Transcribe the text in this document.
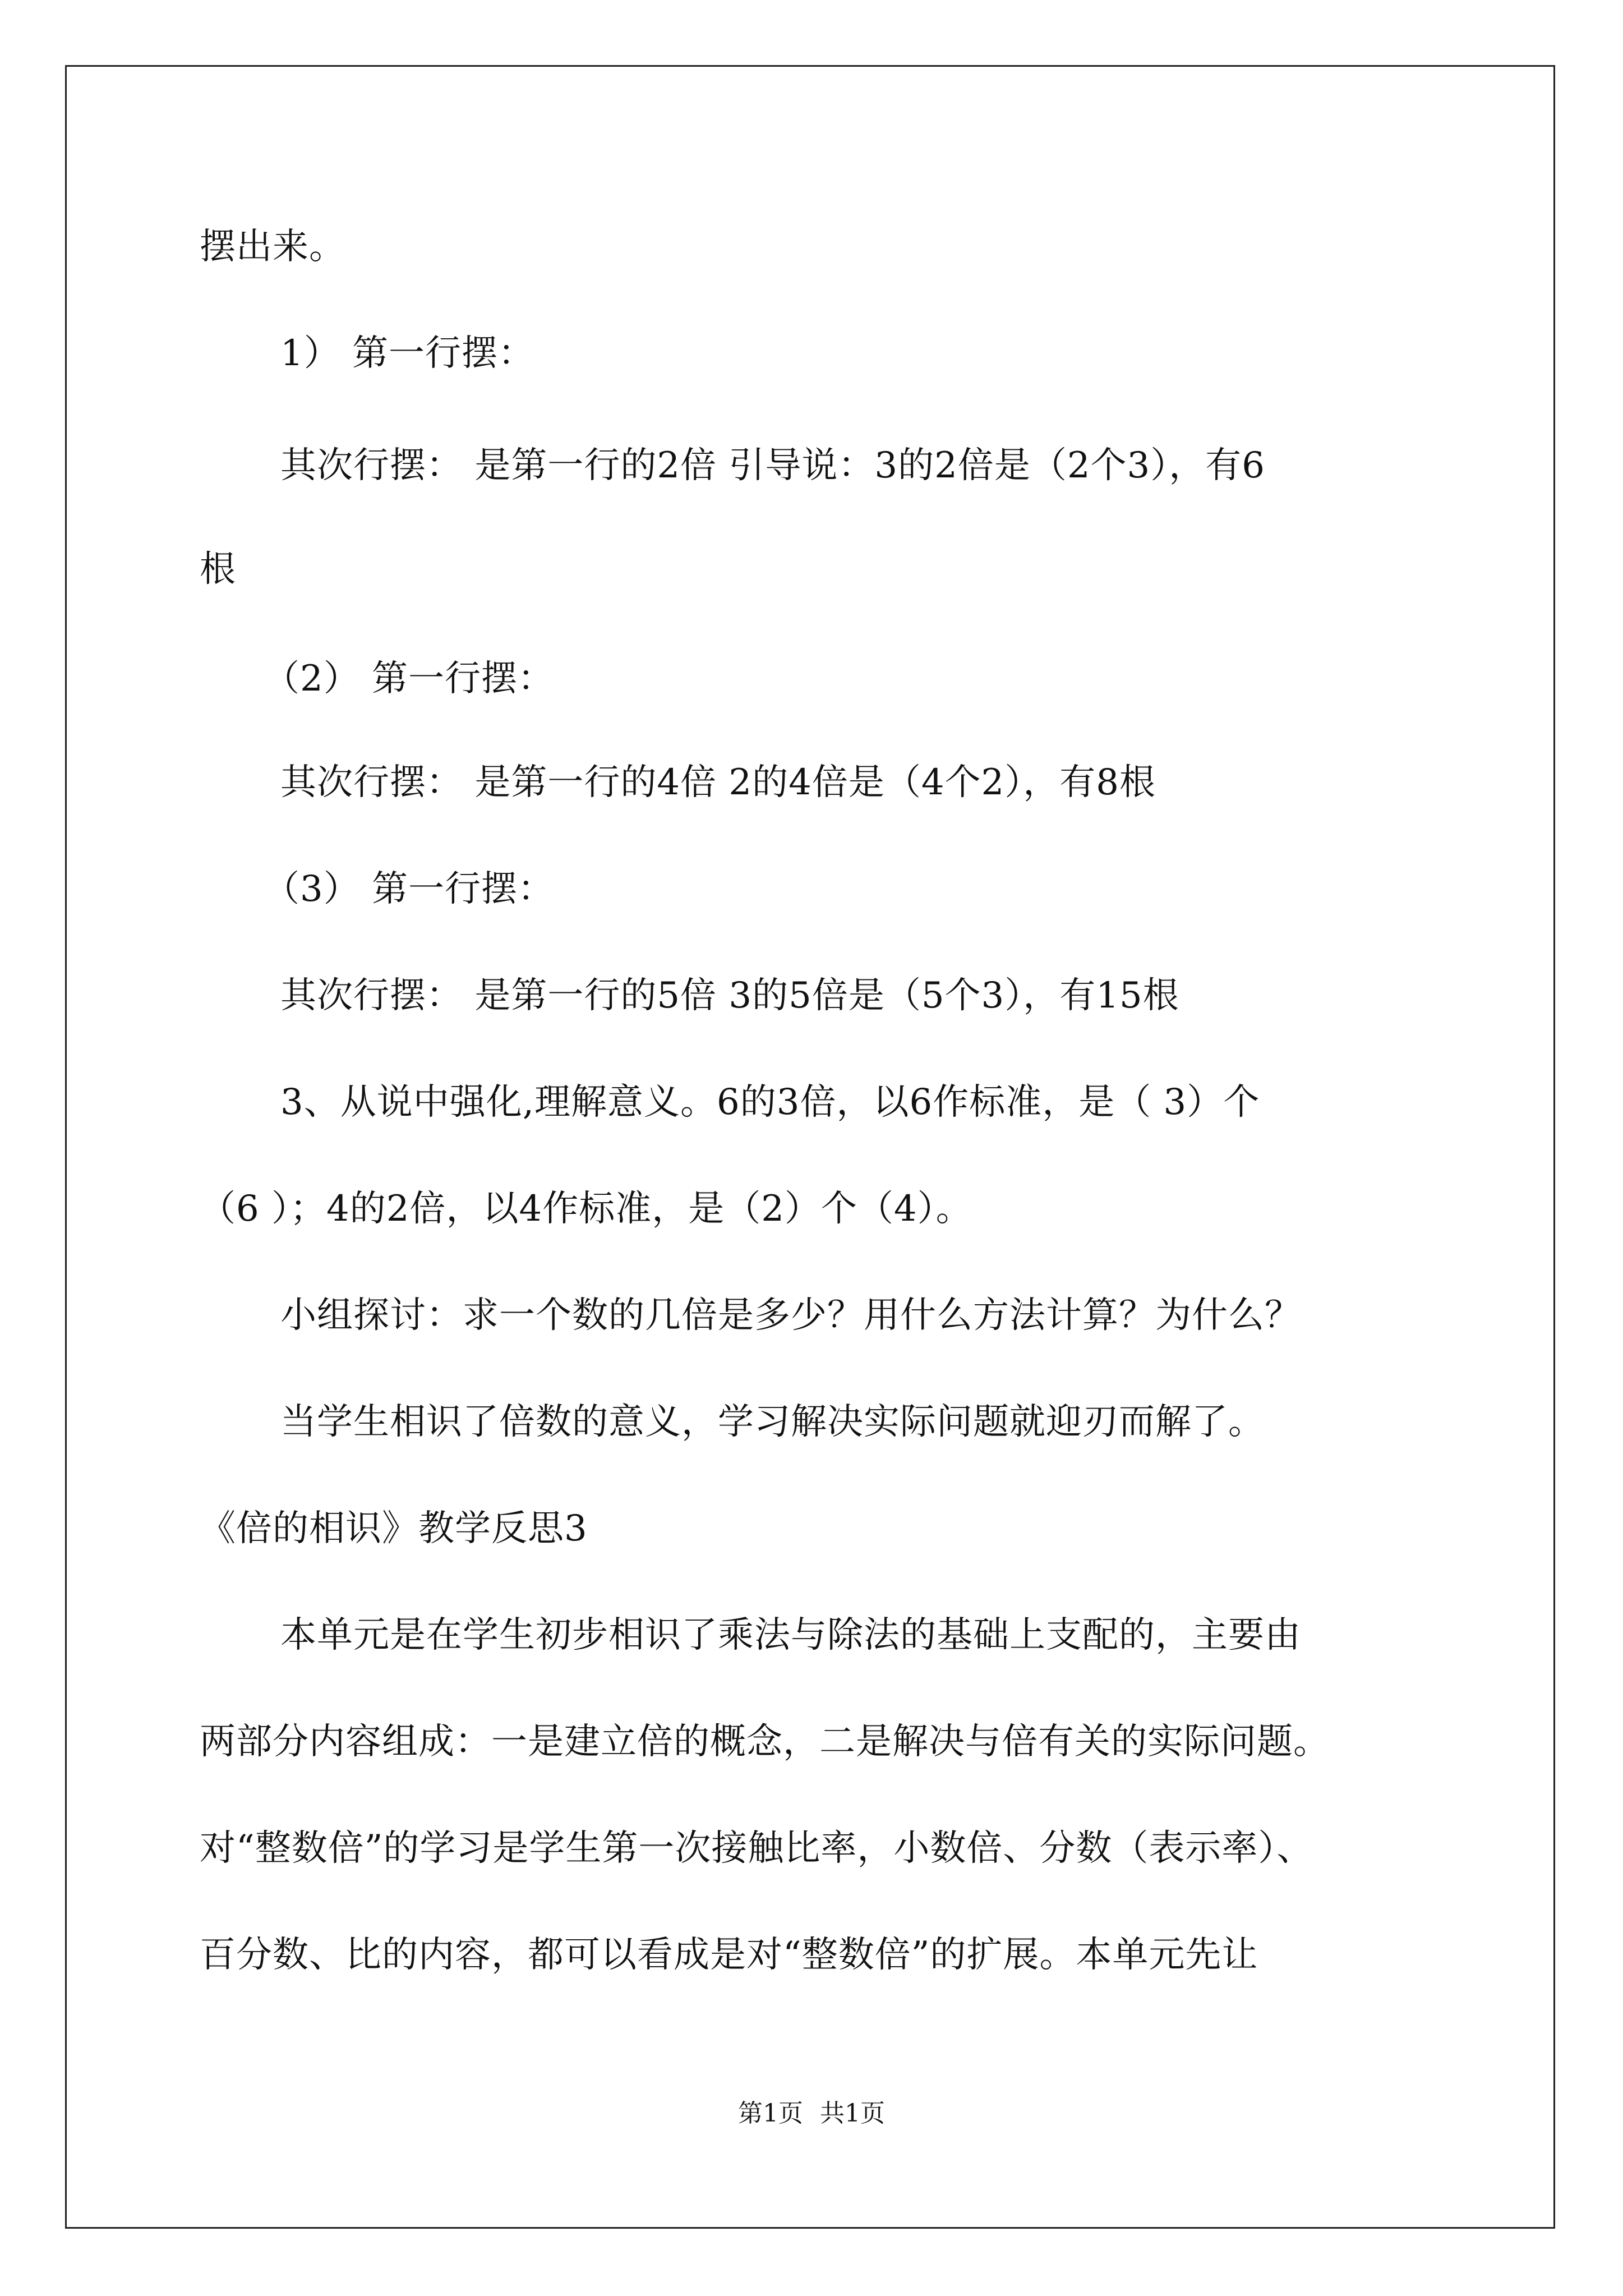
摆出来。
1） 第一行摆：
其次行摆： 是第一行的2倍 引导说：3的2倍是（2个3），有6
根
（2） 第一行摆：
其次行摆： 是第一行的4倍 2的4倍是（4个2），有8根
（3） 第一行摆：
其次行摆： 是第一行的5倍 3的5倍是（5个3），有15根
3、从说中强化,理解意义。6的3倍，以6作标准，是（ 3）个
（6 ）；4的2倍，以4作标准，是（2）个（4）。
小组探讨：求一个数的几倍是多少？用什么方法计算？为什么？
当学生相识了倍数的意义，学习解决实际问题就迎刃而解了。
《倍的相识》教学反思3
本单元是在学生初步相识了乘法与除法的基础上支配的，主要由
两部分内容组成：一是建立倍的概念，二是解决与倍有关的实际问题。
对“整数倍”的学习是学生第一次接触比率，小数倍、分数（表示率）、
百分数、比的内容，都可以看成是对“整数倍”的扩展。本单元先让
第1页 共1页
